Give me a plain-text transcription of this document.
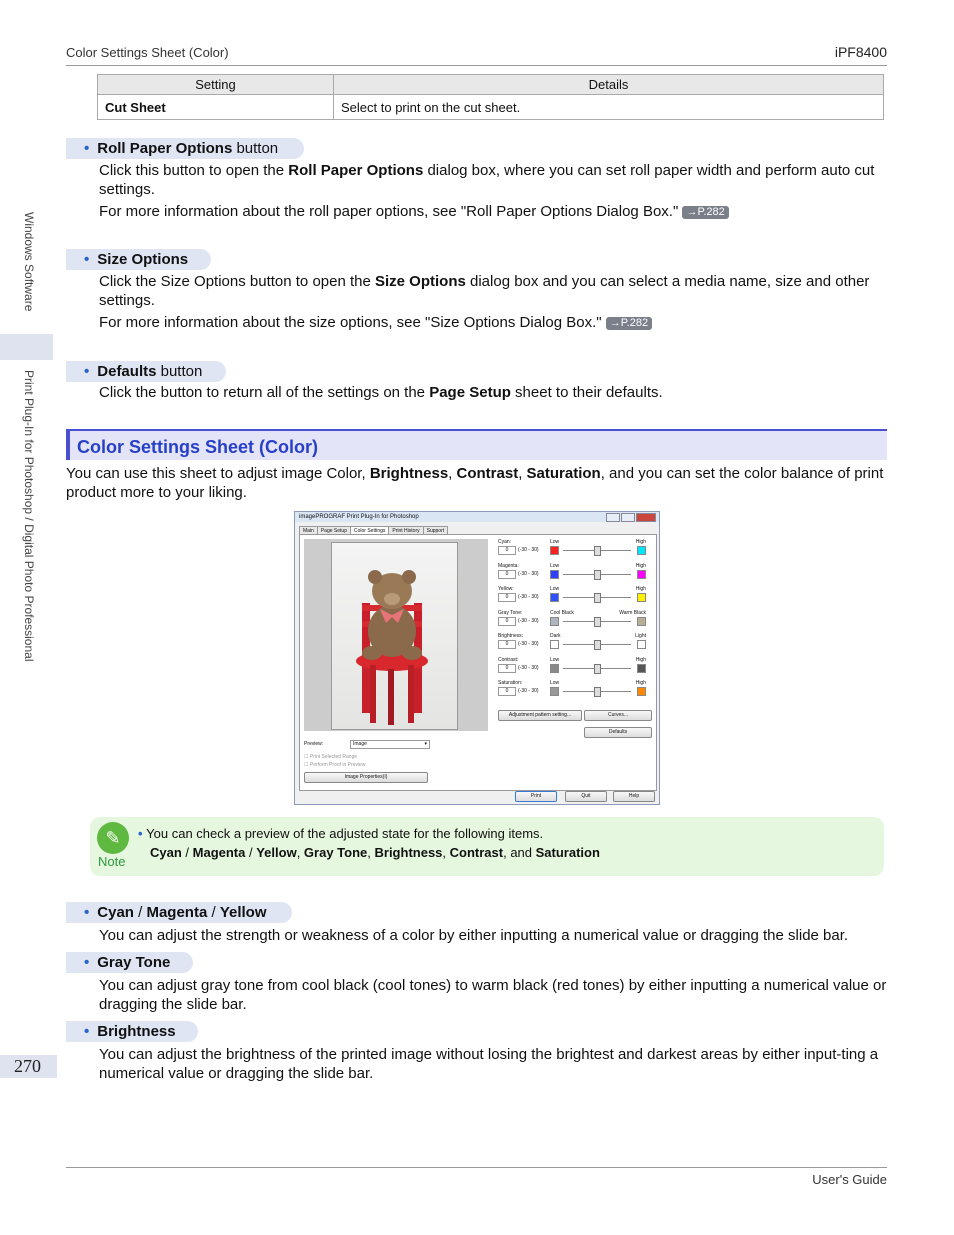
Color Settings Sheet (Color)	iPF8400
Windows Software
Print Plug-In for Photoshop / Digital Photo Professional
270
Setting	Details
Cut Sheet	Select to print on the cut sheet.
• Roll Paper Options button
Click this button to open the Roll Paper Options dialog box, where you can set roll paper width and perform auto cut settings.
For more information about the roll paper options, see "Roll Paper Options Dialog Box." →P.282
• Size Options
Click the Size Options button to open the Size Options dialog box and you can select a media name, size and other settings.
For more information about the size options, see "Size Options Dialog Box." →P.282
• Defaults button
Click the button to return all of the settings on the Page Setup sheet to their defaults.
Color Settings Sheet (Color)
You can use this sheet to adjust image Color, Brightness, Contrast, Saturation, and you can set the color balance of print product more to your liking.
imagePROGRAF Print Plug-In for Photoshop
Main	Page Setup	Color Settings	Print History	Support
Cyan:
0	(-30 - 30)
Low	High
Magenta:
0	(-30 - 30)
Low	High
Yellow:
0	(-30 - 30)
Low	High
Gray Tone:
0	(-30 - 30)
Cool Black	Warm Black
Brightness:
0	(-30 - 30)
Dark	Light
Contrast:
0	(-30 - 30)
Low	High
Saturation:
0	(-30 - 30)
Low	High
Adjustment pattern setting...	Curves...
Defaults
Preview:	Image	▾
☐ Print Selected Range
☐ Perform Proof in Preview
Image Properties(I)
Print	Quit	Help
✎
Note
• You can check a preview of the adjusted state for the following items.
Cyan / Magenta / Yellow, Gray Tone, Brightness, Contrast, and Saturation
• Cyan / Magenta / Yellow
You can adjust the strength or weakness of a color by either inputting a numerical value or dragging the slide bar.
• Gray Tone
You can adjust gray tone from cool black (cool tones) to warm black (red tones) by either inputting a numerical value or dragging the slide bar.
• Brightness
You can adjust the brightness of the printed image without losing the brightest and darkest areas by either input-ting a numerical value or dragging the slide bar.
User's Guide
